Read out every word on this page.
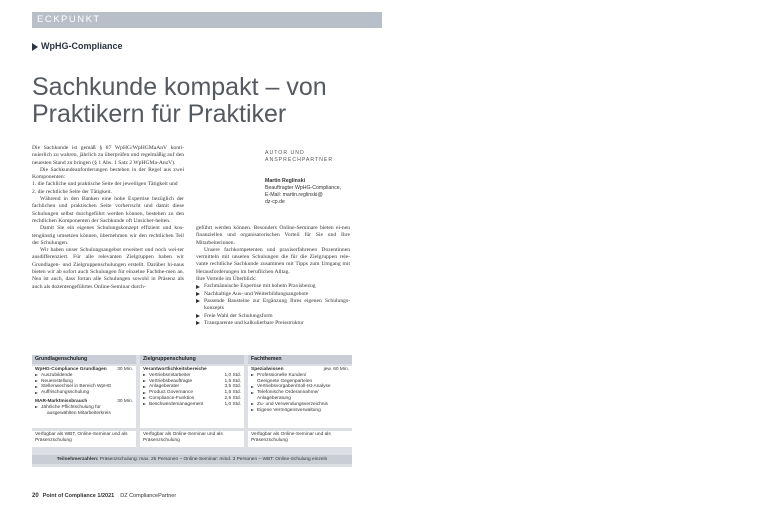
ECKPUNKT
WpHG-Compliance
Sachkunde kompakt – von
Praktikern für Praktiker

Die Sachkunde ist gemäß § 87 WpHG/WpHGMaAnV konti-nuierlich zu wahren, jährlich zu überprüfen und regelmäßig auf den neuesten Stand zu bringen (§ 1 Abs. 1 Satz 2 WpHGMa-AnzV).

Die Sachkundeanforderungen bestehen in der Regel aus zwei Komponenten:

1. die fachliche und praktische Seite der jeweiligen Tätigkeit und

2. die rechtliche Seite der Tätigkeit.

Während in den Banken eine hohe Expertise bezüglich der fachlichen und praktischen Seite vorherrscht und damit diese Schulungen selbst durchgeführt werden können, bestehen zu den rechtlichen Komponenten der Sachkunde oft Unsicher-heiten.

Damit Sie ein eigenes Schulungskonzept effizient und kos-tengünstig umsetzen können, übernehmen wir den rechtlichen Teil der Schulungen.

Wir haben unser Schulungsangebot erweitert und noch wei-ter ausdifferenziert. Für alle relevanten Zielgruppen haben wir Grundlagen- und Zielgruppenschulungen erstellt. Darüber hi-naus bieten wir ab sofort auch Schulungen für einzelne Fachthe-men an. Nea ist auch, dass fortan alle Schulungen sowohl in Präsenz als auch als dozentengeführtes Online-Seminar durch-

AUTOR UND
ANSPRECHPARTNER
Martin Reglinski
Beauftragter WpHG-Compliance,
E-Mail: martin.reglinski@
dz-cp.de

geführt werden können. Besonders Online-Seminare bieten ei-nen finanziellen und organisatorischen Vorteil für Sie und Ihre Mitarbeiterinnen.

Unsere fachkompetenten und praxiserfahrenen Dozentinnen vermitteln mit unseren Schulungen die für die Zielgruppen rele-vante rechtliche Sachkunde zusammen mit Tipps zum Umgang mit Herausforderungen im beruflichen Alltag.

Ihre Vorteile im Überblick:

Fachmännische Expertise mit hohem Praxisbezug
Nachhaltige Aus- und Weiterbildungsangebote
Passende Bausteine zur Ergänzung Ihres eigenen Schulungs-konzepts
Freie Wahl der Schulungsform
Transparente und kalkulierbare Preisstruktur
Grundlagenschulung
WpHG-Compliance Grundlagen 30 Min.
Auszubildende
Neueinstellung
Stellenwechsel in Bereich WpHG
Auffrischungsschulung
MAR-Marktmissbrauch	30 Min.
Jährliche Pflichtschulung für
ausgewählten Mitarbeiterkreis
Verfügbar als WBT, Online-Seminar und als
Präsenzschulung
Zielgruppenschulung
Verantwortlichkeitsbereiche
Vertriebsmitarbeiter	1,0 Std.
Vertriebsbeauftragte	1,5 Std.
Anlageberater	3,5 Std.
Product Governance	1,5 Std.
Compliance-Funktion	2,5 Std.
Beschwerdemanagement	1,0 Std.
Verfügbar als Online-Seminar und als
Präsenzschulung
Fachthemen
Spezialwissen	jew. 60 Min.
Professionelle Kunden/
Geeignete Gegenparteien
Vertriebsvorgaben/Soll-Ist-Analyse
Telefonische Orderannahme/
Anlageberatung
Zu- und Verwendungsverzeichnis
Eigene Vermögensverwaltung
Verfügbar als Online-Seminar und als
Präsenzschulung
Teilnehmerzahlen: Präsenzschulung: max. 25 Personen – Online-Seminar: mind. 3 Personen – WBT: Online-Schulung einzeln
20 Point of Compliance 1/2021 DZ CompliancePartner
